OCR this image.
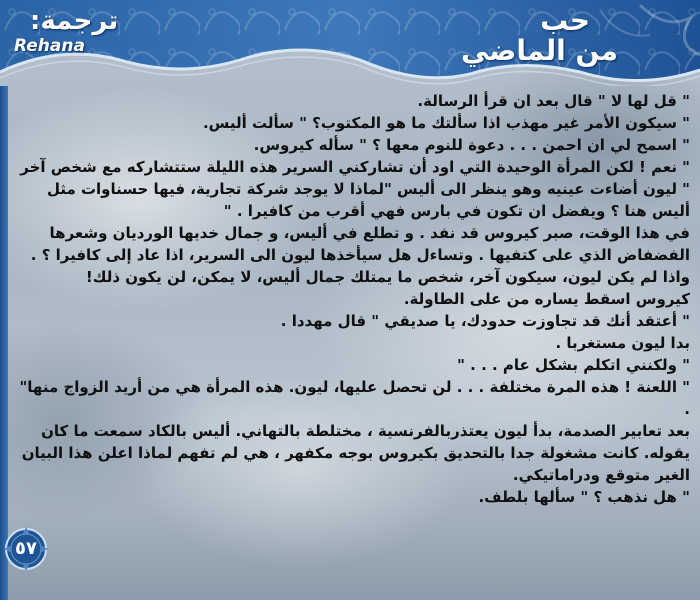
ترجمة:
Rehana
حب
من الماضي

" قل لها لا " قال بعد ان قرأ الرسالة.

" سيكون الأمر غير مهذب اذا سألتك ما هو المكتوب؟ " سألت أليس.

" اسمح لي ان احمن . . . دعوة للنوم معها ؟ " سأله كيروس.

" نعم ! لكن المرأة الوحيدة التي اود أن تشاركني السرير هذه الليلة ستتشاركه مع شخص آخر " ليون أضاءت عينيه وهو ينظر الى أليس "لماذا لا يوجد شركة تجارية، فيها حسناوات مثل أليس هنا ؟ ويفضل ان تكون في بارس فهي أقرب من كافيرا . "

في هذا الوقت، صبر كيروس قد نفد . و تطلع في أليس، و جمال خديها الورديان وشعرها الفضفاض الذي على كتفيها . وتساءل هل سيأخذها ليون الى السرير، اذا عاد إلى كافيرا ؟ . واذا لم يكن ليون، سيكون آخر، شخص ما يمتلك جمال أليس، لا يمكن، لن يكون ذلك!

كيروس اسقط يساره من على الطاولة.

" أعتقد أنك قد تجاوزت حدودك، يا صديقي " قال مهددا .

بدا ليون مستغربا .

" ولكنني اتكلم بشكل عام . . . "

" اللعنة ! هذه المرة مختلفة . . . لن تحصل عليها، ليون. هذه المرأة هي من أريد الزواج منها" .

بعد تعابير الصدمة، بدأ ليون يعتذربالفرنسية ، مختلطة بالتهاني. أليس بالكاد سمعت ما كان يقوله. كانت مشغولة جدا بالتحديق بكيروس بوجه مكفهر ، هي لم تفهم لماذا اعلن هذا البيان الغير متوقع ودراماتيكي.

" هل نذهب ؟ " سألها بلطف.

٥٧
